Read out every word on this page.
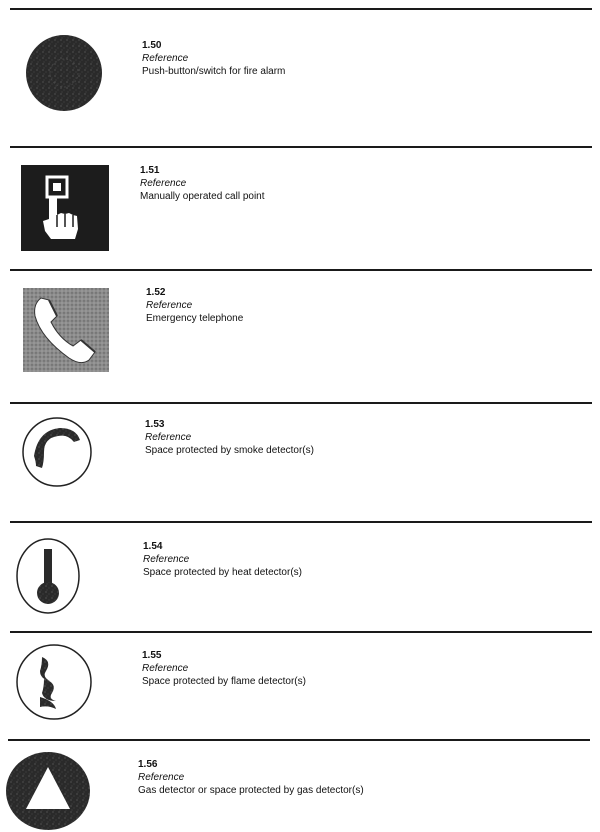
1.50
Reference
Push-button/switch for fire alarm
1.51
Reference
Manually operated call point
1.52
Reference
Emergency telephone
1.53
Reference
Space protected by smoke detector(s)
1.54
Reference
Space protected by heat detector(s)
1.55
Reference
Space protected by flame detector(s)
1.56
Reference
Gas detector or space protected by gas detector(s)
